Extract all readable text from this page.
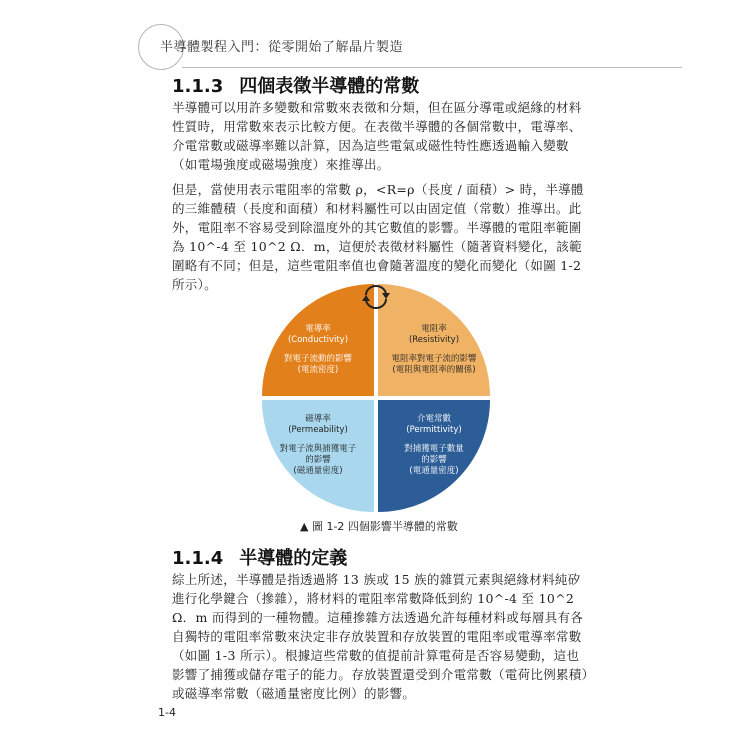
半導體製程入門：從零開始了解晶片製造
1.1.3 四個表徵半導體的常數

半導體可以用許多變數和常數來表徵和分類，但在區分導電或絕緣的材料性質時，用常數來表示比較方便。在表徵半導體的各個常數中，電導率、介電常數或磁導率難以計算，因為這些電氣或磁性特性應透過輸入變數（如電場強度或磁場強度）來推導出。

但是，當使用表示電阻率的常數 ρ，<R=ρ（長度 / 面積）> 時，半導體的三維體積（長度和面積）和材料屬性可以由固定值（常數）推導出。此外，電阻率不容易受到除溫度外的其它數值的影響。半導體的電阻率範圍為 10^-4 至 10^2 Ω．m，這便於表徵材料屬性（隨著資料變化，該範圍略有不同；但是，這些電阻率值也會隨著溫度的變化而變化（如圖 1-2 所示）。

電導率
(Conductivity)
對電子流動的影響
(電流密度)
電阻率
(Resistivity)
電阻率對電子流的影響
(電阻與電阻率的關係)
磁導率
(Permeability)
對電子流與捕獲電子
的影響
(磁通量密度)
介電常數
(Permittivity)
對捕獲電子數量
的影響
(電通量密度)
▲ 圖 1-2 四個影響半導體的常數
1.1.4 半導體的定義

綜上所述，半導體是指透過將 13 族或 15 族的雜質元素與絕緣材料純矽進行化學鍵合（摻雜），將材料的電阻率常數降低到約 10^-4 至 10^2 Ω．m 而得到的一種物體。這種摻雜方法透過允許每種材料或每層具有各自獨特的電阻率常數來決定非存放裝置和存放裝置的電阻率或電導率常數（如圖 1-3 所示）。根據這些常數的值提前計算電荷是否容易變動，這也影響了捕獲或儲存電子的能力。存放裝置還受到介電常數（電荷比例累積）或磁導率常數（磁通量密度比例）的影響。

1-4
